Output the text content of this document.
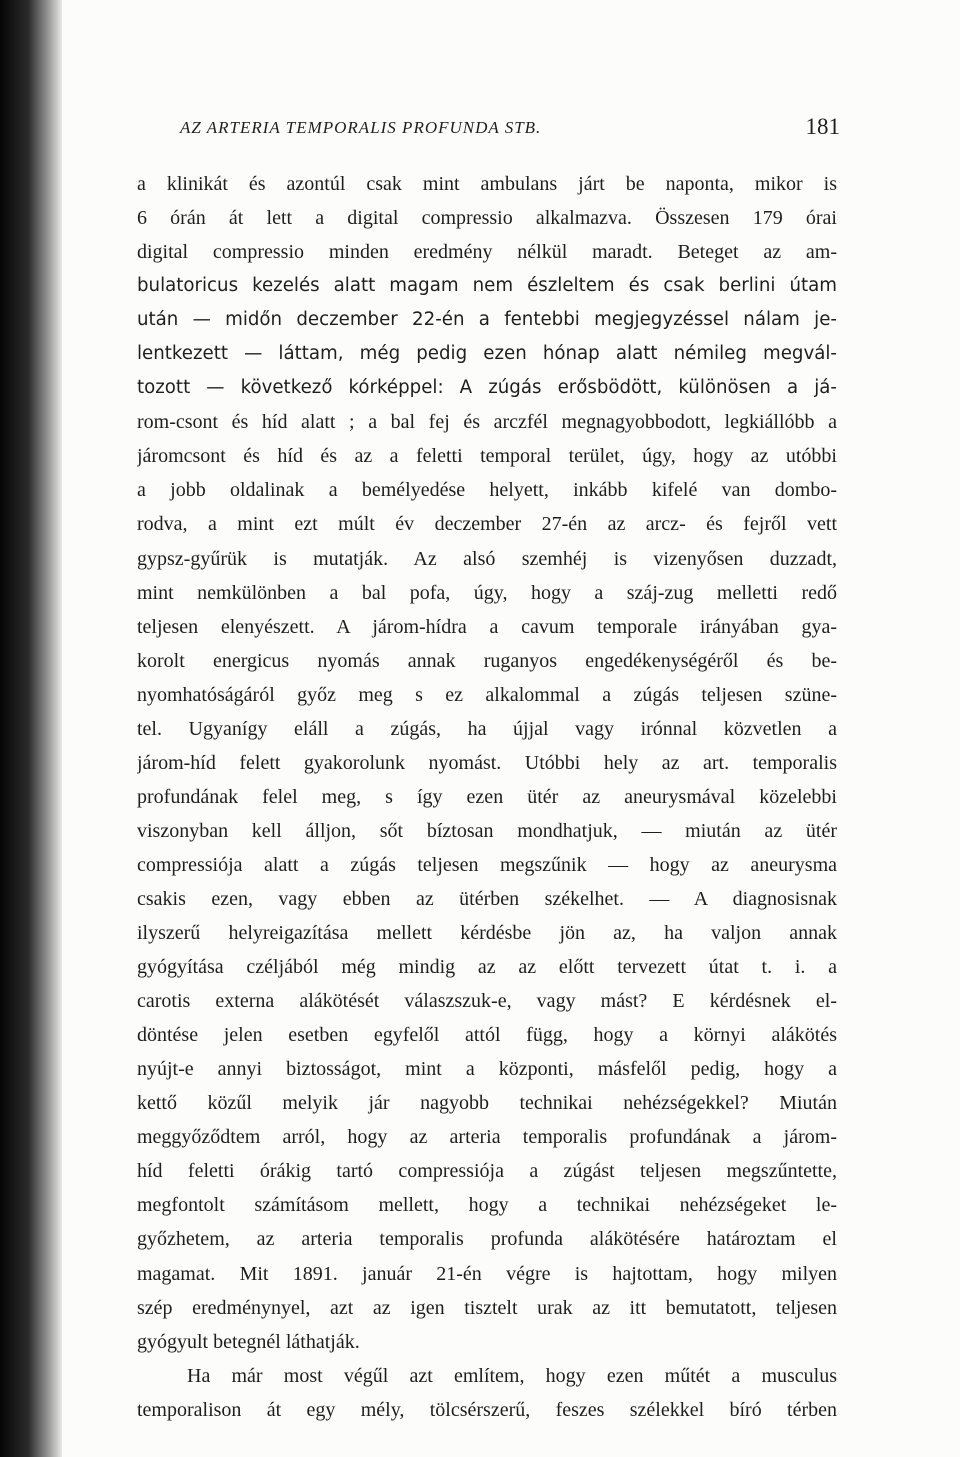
AZ ARTERIA TEMPORALIS PROFUNDA STB.	181
a klinikát és azontúl csak mint ambulans járt be naponta, mikor is
6 órán át lett a digital compressio alkalmazva. Összesen 179 órai
digital compressio minden eredmény nélkül maradt. Beteget az am-
bulatoricus kezelés alatt magam nem észleltem és csak berlini útam
után — midőn deczember 22-én a fentebbi megjegyzéssel nálam je-
lentkezett — láttam, még pedig ezen hónap alatt némileg megvál-
tozott — következő kórképpel: A zúgás erősbödött, különösen a já-
rom-csont és híd alatt ; a bal fej és arczfél megnagyobbodott, legkiállóbb a
járomcsont és híd és az a feletti temporal terület, úgy, hogy az utóbbi
a jobb oldalinak a bemélyedése helyett, inkább kifelé van dombo-
rodva, a mint ezt múlt év deczember 27-én az arcz- és fejről vett
gypsz-gyűrük is mutatják. Az alsó szemhéj is vizenyősen duzzadt,
mint nemkülönben a bal pofa, úgy, hogy a száj-zug melletti redő
teljesen elenyészett. A járom-hídra a cavum temporale irányában gya-
korolt energicus nyomás annak ruganyos engedékenységéről és be-
nyomhatóságáról győz meg s ez alkalommal a zúgás teljesen szüne-
tel. Ugyanígy eláll a zúgás, ha újjal vagy irónnal közvetlen a
járom-híd felett gyakorolunk nyomást. Utóbbi hely az art. temporalis
profundának felel meg, s így ezen ütér az aneurysmával közelebbi
viszonyban kell álljon, sőt bíztosan mondhatjuk, — miután az ütér
compressiója alatt a zúgás teljesen megszűnik — hogy az aneurysma
csakis ezen, vagy ebben az ütérben székelhet. — A diagnosisnak
ilyszerű helyreigazítása mellett kérdésbe jön az, ha valjon annak
gyógyítása czéljából még mindig az az előtt tervezett útat t. i. a
carotis externa alákötését válaszszuk-e, vagy mást? E kérdésnek el-
döntése jelen esetben egyfelől attól függ, hogy a környi alákötés
nyújt-e annyi biztosságot, mint a központi, másfelől pedig, hogy a
kettő közűl melyik jár nagyobb technikai nehézségekkel? Miután
meggyőződtem arról, hogy az arteria temporalis profundának a járom-
híd feletti órákig tartó compressiója a zúgást teljesen megszűntette,
megfontolt számításom mellett, hogy a technikai nehézségeket le-
győzhetem, az arteria temporalis profunda alákötésére határoztam el
magamat. Mit 1891. január 21-én végre is hajtottam, hogy milyen
szép eredménynyel, azt az igen tisztelt urak az itt bemutatott, teljesen
gyógyult betegnél láthatják.
Ha már most végűl azt említem, hogy ezen műtét a musculus
temporalison át egy mély, tölcsérszerű, feszes szélekkel bíró térben
